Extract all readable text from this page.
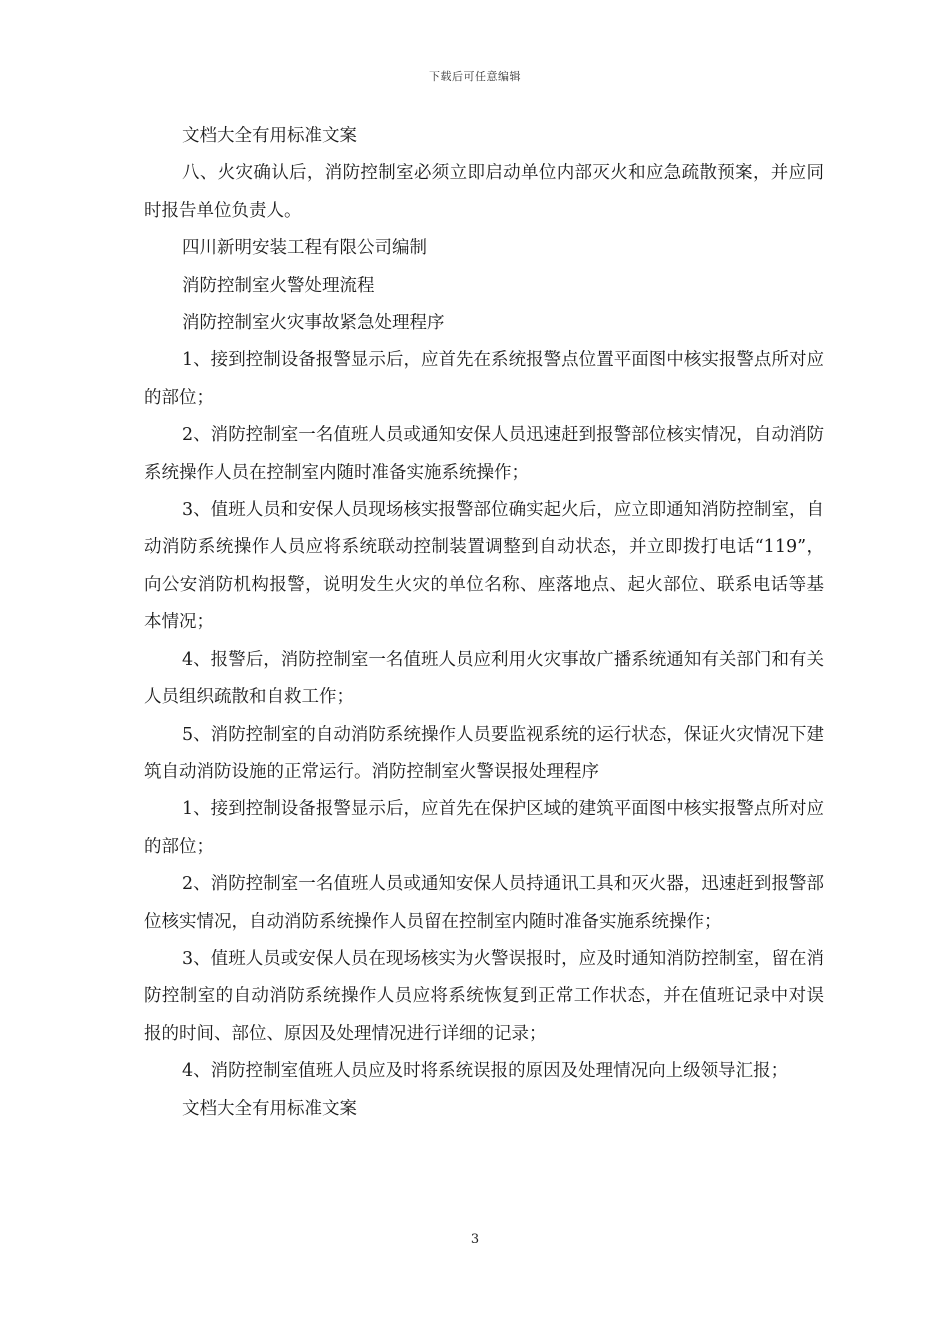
下载后可任意编辑

文档大全有用标准文案

八、火灾确认后，消防控制室必须立即启动单位内部灭火和应急疏散预案，并应同时报告单位负责人。

四川新明安装工程有限公司编制

消防控制室火警处理流程

消防控制室火灾事故紧急处理程序

1、接到控制设备报警显示后，应首先在系统报警点位置平面图中核实报警点所对应的部位；

2、消防控制室一名值班人员或通知安保人员迅速赶到报警部位核实情况，自动消防系统操作人员在控制室内随时准备实施系统操作；

3、值班人员和安保人员现场核实报警部位确实起火后，应立即通知消防控制室，自动消防系统操作人员应将系统联动控制装置调整到自动状态，并立即拨打电话“119”，向公安消防机构报警，说明发生火灾的单位名称、座落地点、起火部位、联系电话等基本情况；

4、报警后，消防控制室一名值班人员应利用火灾事故广播系统通知有关部门和有关人员组织疏散和自救工作；

5、消防控制室的自动消防系统操作人员要监视系统的运行状态，保证火灾情况下建筑自动消防设施的正常运行。消防控制室火警误报处理程序

1、接到控制设备报警显示后，应首先在保护区域的建筑平面图中核实报警点所对应的部位；

2、消防控制室一名值班人员或通知安保人员持通讯工具和灭火器，迅速赶到报警部位核实情况，自动消防系统操作人员留在控制室内随时准备实施系统操作；

3、值班人员或安保人员在现场核实为火警误报时，应及时通知消防控制室，留在消防控制室的自动消防系统操作人员应将系统恢复到正常工作状态，并在值班记录中对误报的时间、部位、原因及处理情况进行详细的记录；

4、消防控制室值班人员应及时将系统误报的原因及处理情况向上级领导汇报；

文档大全有用标准文案

3
